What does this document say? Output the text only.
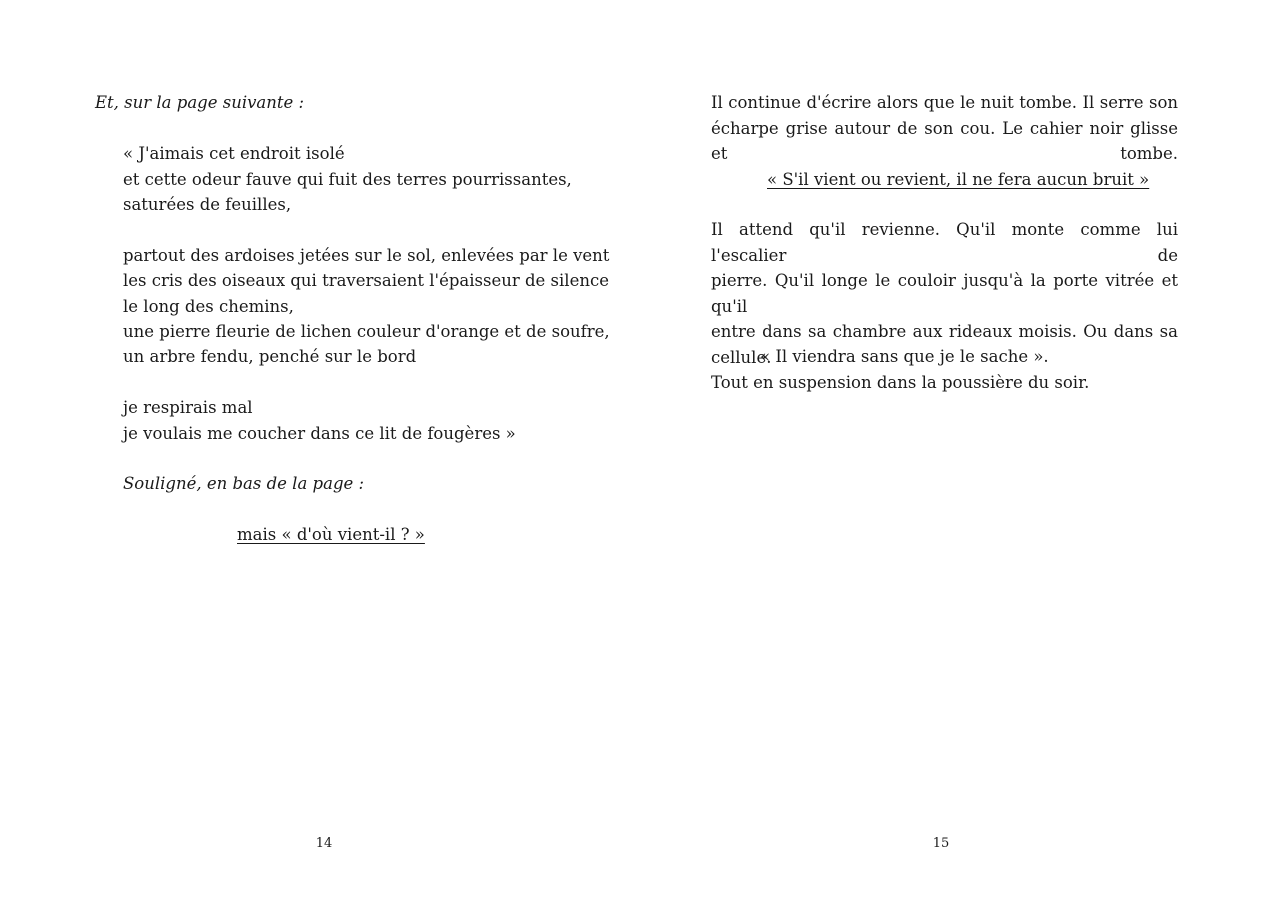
Et, sur la page suivante :

« J'aimais cet endroit isolé

et cette odeur fauve qui fuit des terres pourrissantes,

saturées de feuilles,

partout des ardoises jetées sur le sol, enlevées par le vent

les cris des oiseaux qui traversaient l'épaisseur de silence

le long des chemins,

une pierre fleurie de lichen couleur d'orange et de soufre,

un arbre fendu, penché sur le bord

je respirais mal

je voulais me coucher dans ce lit de fougères »

Souligné, en bas de la page :

mais « d'où vient-il ? »

14
Il continue d'écrire alors que le nuit tombe. Il serre son
écharpe grise autour de son cou. Le cahier noir glisse et tombe.

« S'il vient ou revient, il ne fera aucun bruit »

Il attend qu'il revienne. Qu'il monte comme lui l'escalier de
pierre. Qu'il longe le couloir jusqu'à la porte vitrée et qu'il
entre dans sa chambre aux rideaux moisis. Ou dans sa cellule.
Tout en suspension dans la poussière du soir.

« Il viendra sans que je le sache ».

15
